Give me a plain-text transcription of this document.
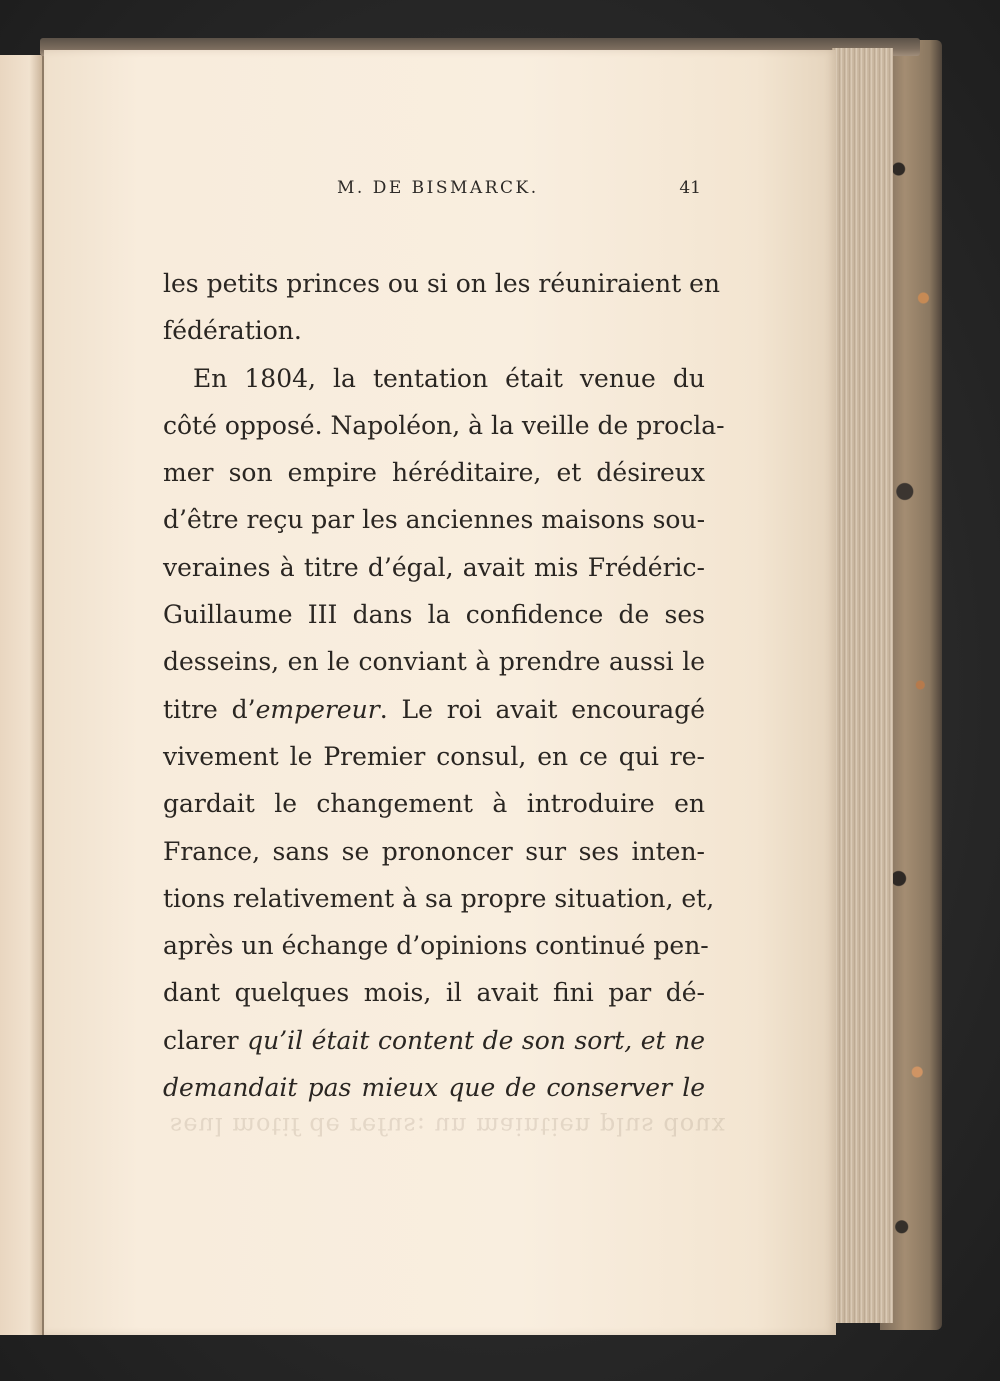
M. DE BISMARCK.	41
les petits princes ou si on les réuniraient en
fédération.
En 1804, la tentation était venue du
côté opposé. Napoléon, à la veille de procla-
mer son empire héréditaire, et désireux
d’être reçu par les anciennes maisons sou-
veraines à titre d’égal, avait mis Frédéric-
Guillaume III dans la confidence de ses
desseins, en le conviant à prendre aussi le
titre d’empereur. Le roi avait encouragé
vivement le Premier consul, en ce qui re-
gardait le changement à introduire en
France, sans se prononcer sur ses inten-
tions relativement à sa propre situation, et,
après un échange d’opinions continué pen-
dant quelques mois, il avait fini par dé-
clarer qu’il était content de son sort, et ne
demandait pas mieux que de conserver le
seul motif de refus: un maintien plus doux
